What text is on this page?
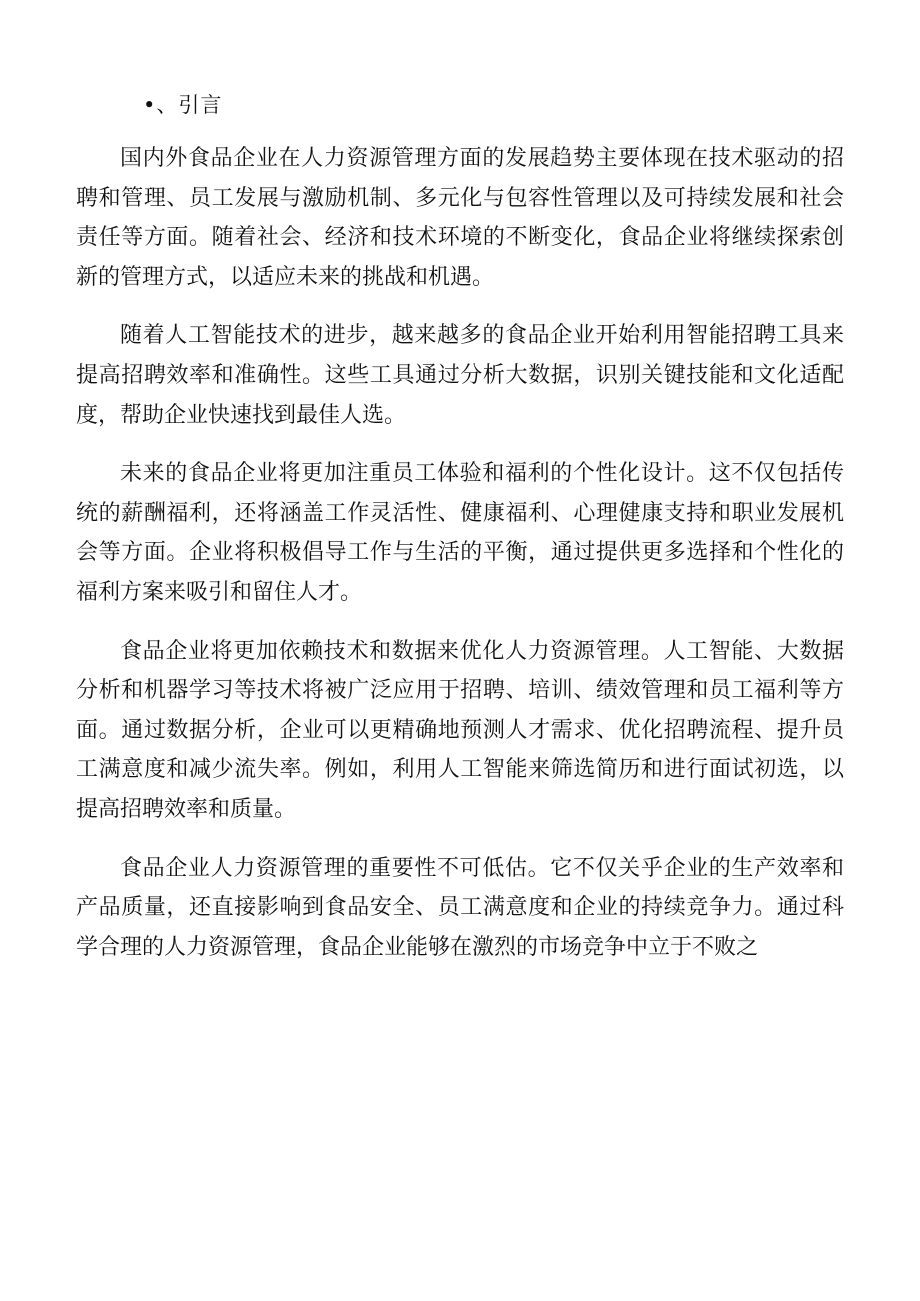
•、引言

国内外食品企业在人力资源管理方面的发展趋势主要体现在技术驱动的招聘和管理、员工发展与激励机制、多元化与包容性管理以及可持续发展和社会责任等方面。随着社会、经济和技术环境的不断变化，食品企业将继续探索创新的管理方式，以适应未来的挑战和机遇。

随着人工智能技术的进步，越来越多的食品企业开始利用智能招聘工具来提高招聘效率和准确性。这些工具通过分析大数据，识别关键技能和文化适配度，帮助企业快速找到最佳人选。

未来的食品企业将更加注重员工体验和福利的个性化设计。这不仅包括传统的薪酬福利，还将涵盖工作灵活性、健康福利、心理健康支持和职业发展机会等方面。企业将积极倡导工作与生活的平衡，通过提供更多选择和个性化的福利方案来吸引和留住人才。

食品企业将更加依赖技术和数据来优化人力资源管理。人工智能、大数据分析和机器学习等技术将被广泛应用于招聘、培训、绩效管理和员工福利等方面。通过数据分析，企业可以更精确地预测人才需求、优化招聘流程、提升员工满意度和减少流失率。例如，利用人工智能来筛选简历和进行面试初选，以提高招聘效率和质量。

食品企业人力资源管理的重要性不可低估。它不仅关乎企业的生产效率和产品质量，还直接影响到食品安全、员工满意度和企业的持续竞争力。通过科学合理的人力资源管理，食品企业能够在激烈的市场竞争中立于不败之
